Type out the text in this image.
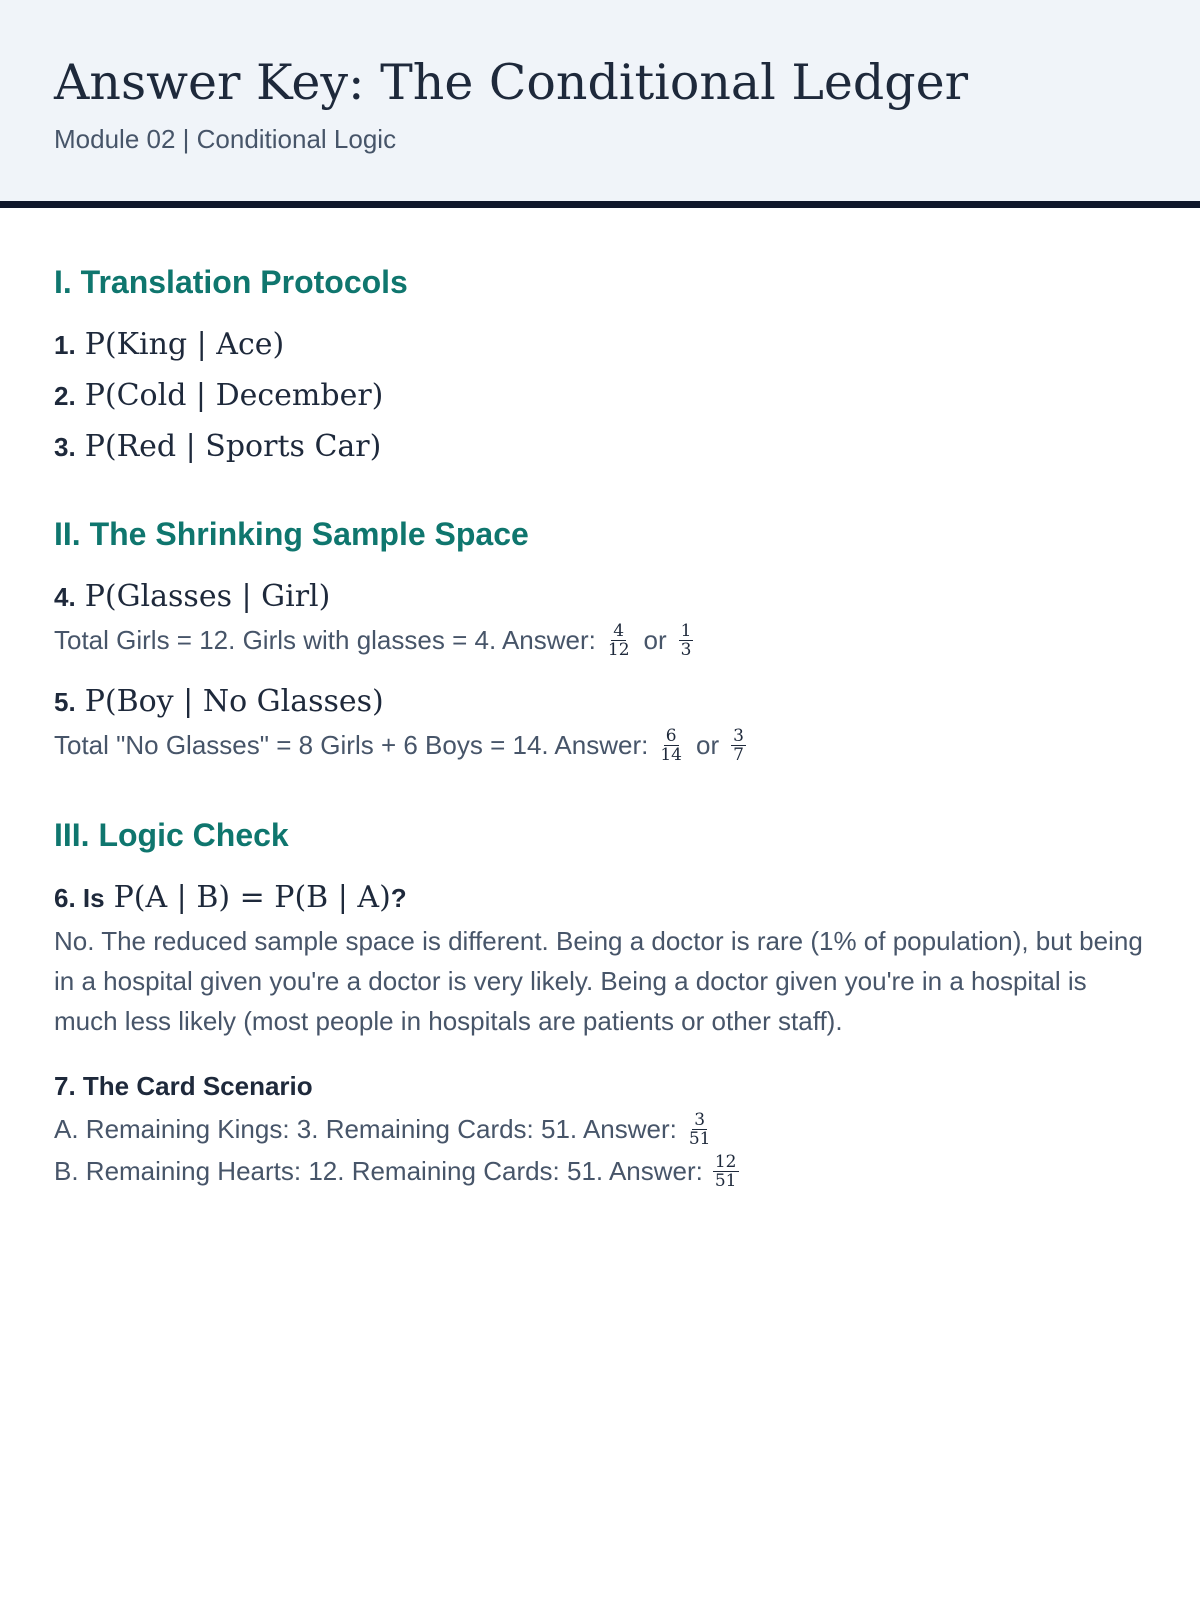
Answer Key: The Conditional Ledger
Module 02 | Conditional Logic
I. Translation Protocols
1. P(King | Ace)
2. P(Cold | December)
3. P(Red | Sports Car)
II. The Shrinking Sample Space
4. P(Glasses | Girl)
Total Girls = 12. Girls with glasses = 4. Answer: $\frac{4}{12}$ or $\frac{1}{3}$
5. P(Boy | No Glasses)
Total "No Glasses" = 8 Girls + 6 Boys = 14. Answer: $\frac{6}{14}$ or $\frac{3}{7}$
III. Logic Check
6. Is P(A | B) = P(B | A) ?

No. The reduced sample space is different. Being a doctor is rare (1% of population), but being in a hospital given you're a doctor is very likely. Being a doctor given you're in a hospital is much less likely (most people in hospitals are patients or other staff).

7. The Card Scenario
A. Remaining Kings: 3. Remaining Cards: 51. Answer: $\frac{3}{51}$
B. Remaining Hearts: 12. Remaining Cards: 51. Answer: $\frac{12}{51}$
